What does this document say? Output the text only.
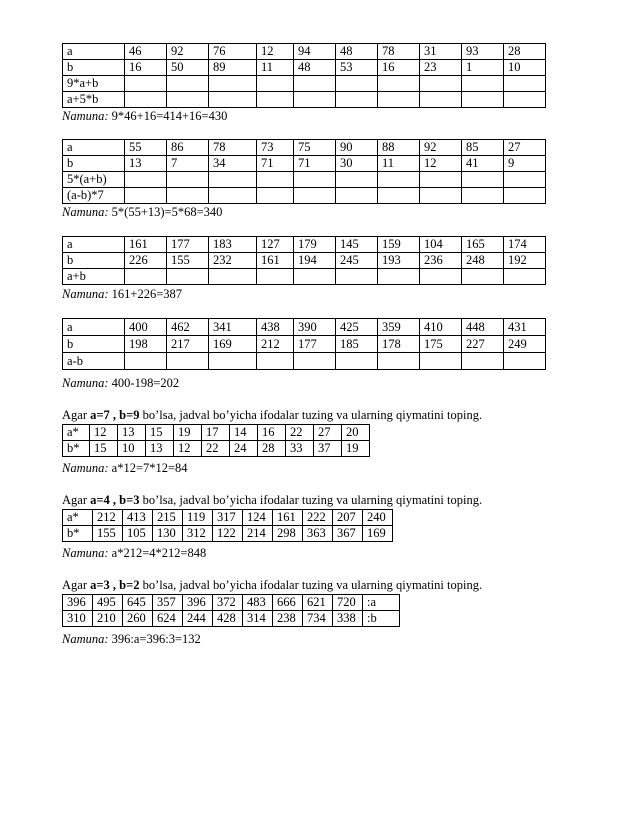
a	46	92	76	12	94	48	78	31	93	28
b	16	50	89	11	48	53	16	23	1	10
9*a+b										
a+5*b										
Namuna: 9*46+16=414+16=430
a	55	86	78	73	75	90	88	92	85	27
b	13	7	34	71	71	30	11	12	41	9
5*(a+b)										
(a-b)*7										
Namuna: 5*(55+13)=5*68=340
a	161	177	183	127	179	145	159	104	165	174
b	226	155	232	161	194	245	193	236	248	192
a+b										
Namuna: 161+226=387
a	400	462	341	438	390	425	359	410	448	431
b	198	217	169	212	177	185	178	175	227	249
a-b										
Namuna: 400-198=202
Agar a=7 , b=9 bo’lsa, jadval bo’yicha ifodalar tuzing va ularning qiymatini toping.
a*	12	13	15	19	17	14	16	22	27	20
b*	15	10	13	12	22	24	28	33	37	19
Namuna: a*12=7*12=84
Agar a=4 , b=3 bo’lsa, jadval bo’yicha ifodalar tuzing va ularning qiymatini toping.
a*	212	413	215	119	317	124	161	222	207	240
b*	155	105	130	312	122	214	298	363	367	169
Namuna: a*212=4*212=848
Agar a=3 , b=2 bo’lsa, jadval bo’yicha ifodalar tuzing va ularning qiymatini toping.
396	495	645	357	396	372	483	666	621	720	:a
310	210	260	624	244	428	314	238	734	338	:b
Namuna: 396:a=396:3=132
